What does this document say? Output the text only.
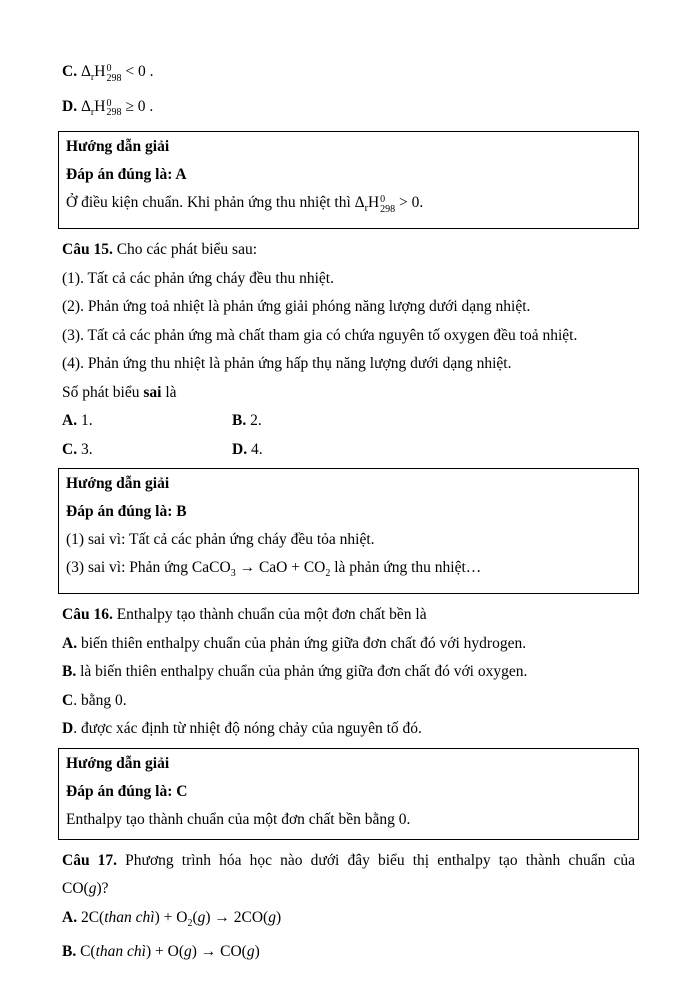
C. $\Delta_rH$ 0
298 < 0 .
D. $\Delta_rH$ 0
298 ≥ 0 .
Hướng dẫn giải
Đáp án đúng là: A
Ở điều kiện chuẩn. Khi phản ứng thu nhiệt thì $\Delta_rH$ 0
298 > 0.
Câu 15. Cho các phát biểu sau:
(1). Tất cả các phản ứng cháy đều thu nhiệt.
(2). Phản ứng toả nhiệt là phản ứng giải phóng năng lượng dưới dạng nhiệt.
(3). Tất cả các phản ứng mà chất tham gia có chứa nguyên tố oxygen đều toả nhiệt.
(4). Phản ứng thu nhiệt là phản ứng hấp thụ năng lượng dưới dạng nhiệt.
Số phát biểu sai là
A. 1.	B. 2.
C. 3.	D. 4.
Hướng dẫn giải
Đáp án đúng là: B
(1) sai vì: Tất cả các phản ứng cháy đều tỏa nhiệt.
(3) sai vì: Phản ứng CaCO$_3$ → CaO + $CO_2$ là phản ứng thu nhiệt…
Câu 16. Enthalpy tạo thành chuẩn của một đơn chất bền là
A. biến thiên enthalpy chuẩn của phản ứng giữa đơn chất đó với hydrogen.
B. là biến thiên enthalpy chuẩn của phản ứng giữa đơn chất đó với oxygen.
C. bằng 0.
D. được xác định từ nhiệt độ nóng chảy của nguyên tố đó.
Hướng dẫn giải
Đáp án đúng là: C
Enthalpy tạo thành chuẩn của một đơn chất bền bằng 0.
Câu 17. Phương trình hóa học nào dưới đây biểu thị enthalpy tạo thành chuẩn của
CO(g)?
A. 2C(than chì) + $O_2(g) \to 2CO(g)$
B. C(than chì) + O(g) → CO(g)
